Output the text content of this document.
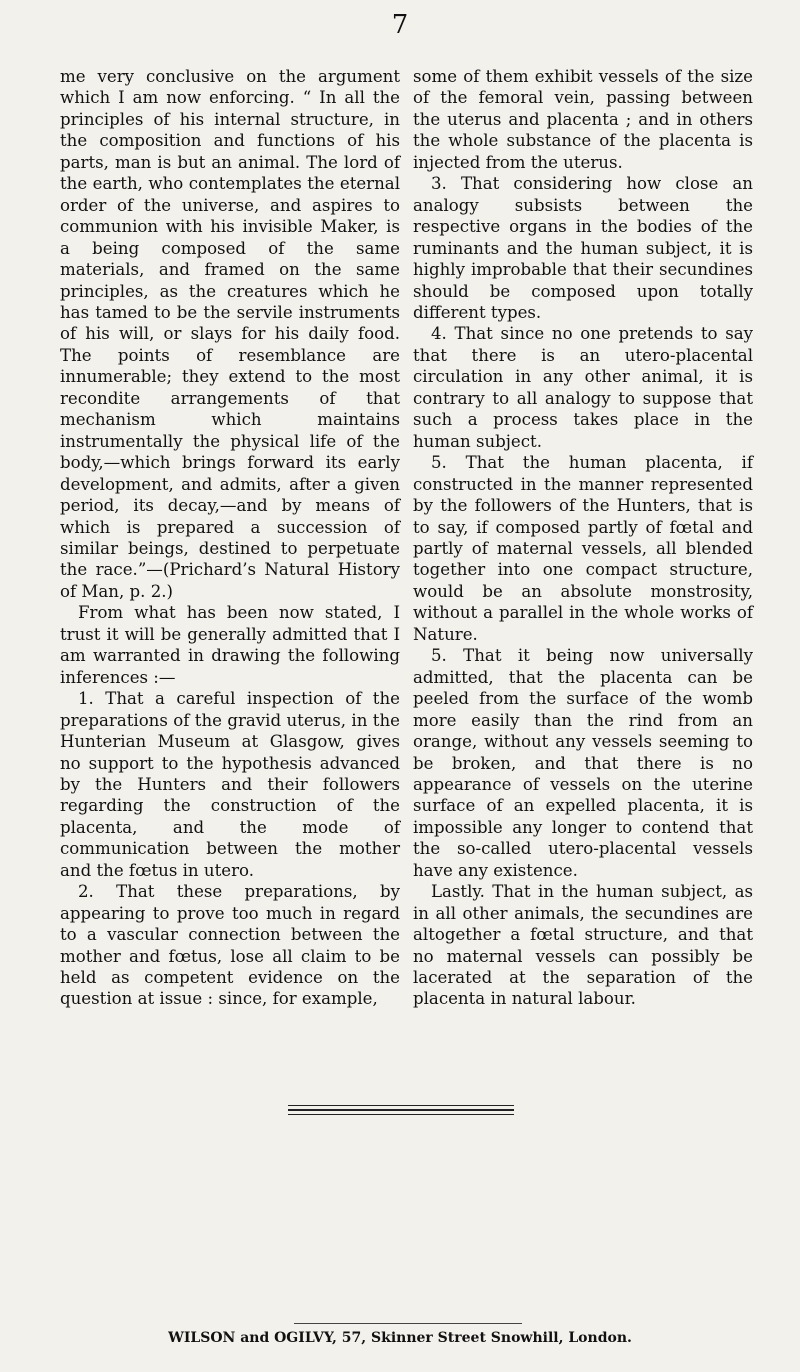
7

me very conclusive on the argument which I am now enforcing. “ In all the principles of his internal structure, in the composition and functions of his parts, man is but an animal. The lord of the earth, who contemplates the eternal order of the universe, and aspires to communion with his invisible Maker, is a being composed of the same materials, and framed on the same principles, as the creatures which he has tamed to be the servile instruments of his will, or slays for his daily food. The points of resemblance are innumerable; they extend to the most recondite arrangements of that mechanism which maintains instrumentally the physical life of the body,—which brings forward its early development, and admits, after a given period, its decay,—and by means of which is prepared a succession of similar beings, destined to perpetuate the race.”—(Prichard’s Natural History of Man, p. 2.)

From what has been now stated, I trust it will be generally admitted that I am warranted in drawing the following inferences :—

1. That a careful inspection of the preparations of the gravid uterus, in the Hunterian Museum at Glasgow, gives no support to the hypothesis advanced by the Hunters and their followers regarding the construction of the placenta, and the mode of communication between the mother and the fœtus in utero.

2. That these preparations, by appearing to prove too much in regard to a vascular connection between the mother and fœtus, lose all claim to be held as competent evidence on the question at issue : since, for example,

some of them exhibit vessels of the size of the femoral vein, passing between the uterus and placenta ; and in others the whole substance of the placenta is injected from the uterus.

3. That considering how close an analogy subsists between the respective organs in the bodies of the ruminants and the human subject, it is highly improbable that their secundines should be composed upon totally different types.

4. That since no one pretends to say that there is an utero-placental circulation in any other animal, it is contrary to all analogy to suppose that such a process takes place in the human subject.

5. That the human placenta, if constructed in the manner represented by the followers of the Hunters, that is to say, if composed partly of fœtal and partly of maternal vessels, all blended together into one compact structure, would be an absolute monstrosity, without a parallel in the whole works of Nature.

5. That it being now universally admitted, that the placenta can be peeled from the surface of the womb more easily than the rind from an orange, without any vessels seeming to be broken, and that there is no appearance of vessels on the uterine surface of an expelled placenta, it is impossible any longer to contend that the so-called utero-placental vessels have any existence.

Lastly. That in the human subject, as in all other animals, the secundines are altogether a fœtal structure, and that no maternal vessels can possibly be lacerated at the separation of the placenta in natural labour.

WILSON and OGILVY, 57, Skinner Street Snowhill, London.
